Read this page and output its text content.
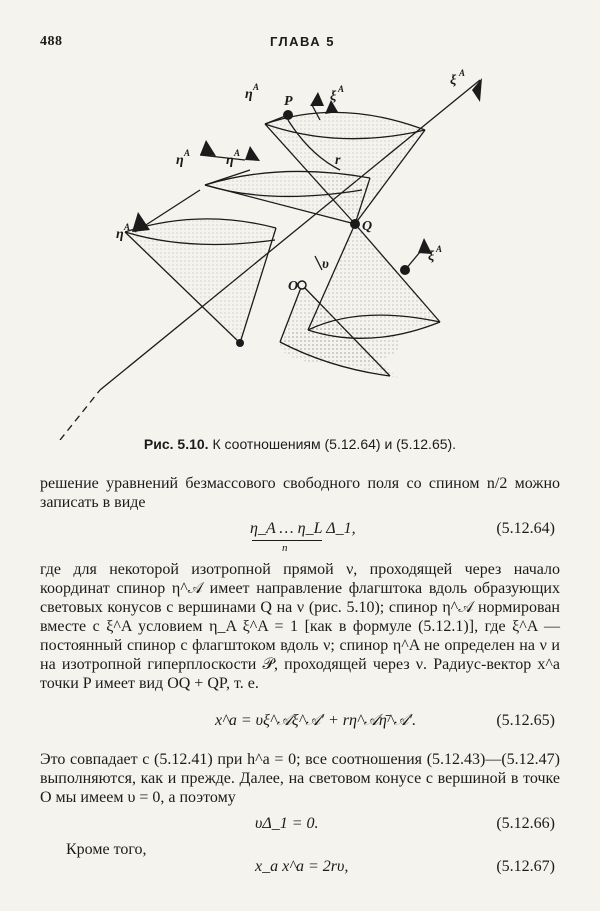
488	ГЛАВА 5
η A
η A	η A
η A
P	ξ A
ξ A
Q
O
r
υ
ξ A
Рис. 5.10. К соотношениям (5.12.64) и (5.12.65).
решение уравнений безмассового свободного поля со спином n/2 можно записать в виде
η_A … η_L Δ_1,
n
(5.12.64)
где для некоторой изотропной прямой ν, проходящей через начало координат спинор η^𝒜 имеет направление флагштока вдоль образующих световых конусов с вершинами Q на ν (рис. 5.10); спинор η^𝒜 нормирован вместе с ξ^A условием η_A ξ^A = 1 [как в формуле (5.12.1)], где ξ^A — постоянный спинор с флагштоком вдоль ν; спинор η^A не определен на ν и на изотропной гиперплоскости 𝒫, проходящей через ν. Радиус-вектор x^a точки P имеет вид OQ + QP, т. е.
x^a = υξ^𝒜ξ^𝒜′ + rη^𝒜η̄^𝒜′.	(5.12.65)
Это совпадает с (5.12.41) при h^a = 0; все соотношения (5.12.43)—(5.12.47) выполняются, как и прежде. Далее, на световом конусе с вершиной в точке O мы имеем υ = 0, а поэтому
υΔ_1 = 0.	(5.12.66)
Кроме того,
x_a x^a = 2rυ,	(5.12.67)
